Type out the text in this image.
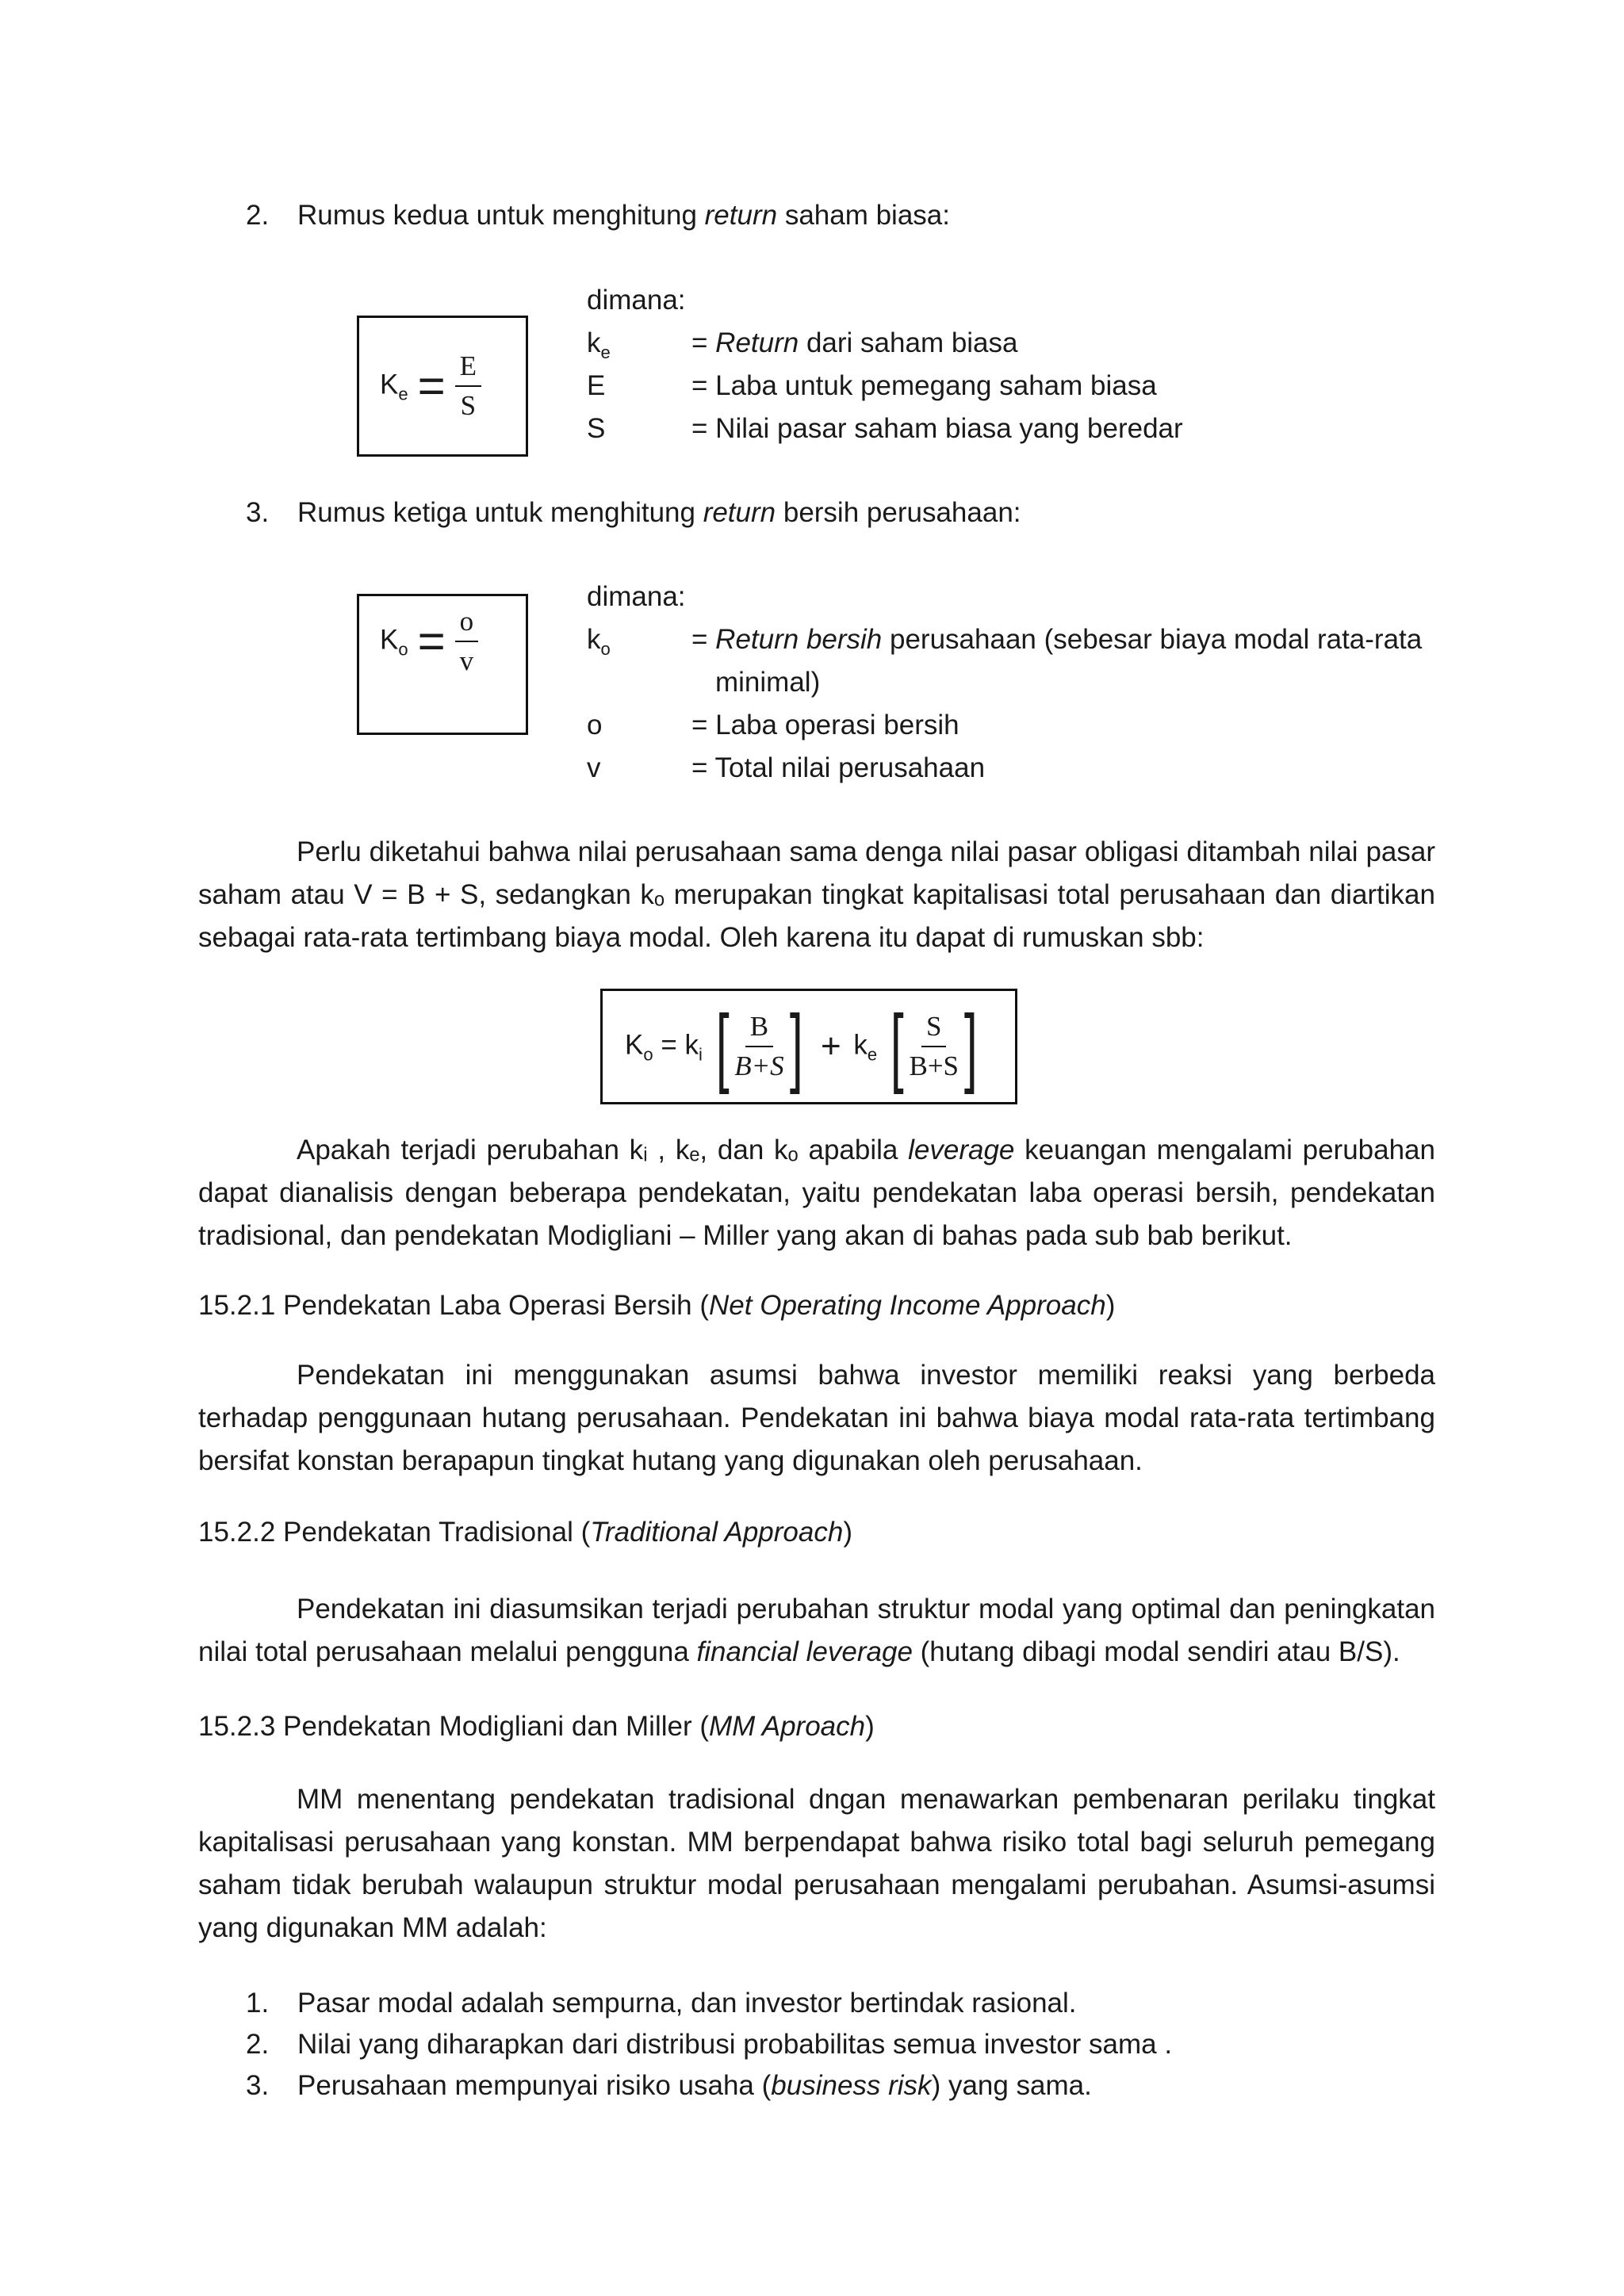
2. Rumus kedua untuk menghitung return saham biasa:
$K_e = \frac{E}{S}$
dimana:
$k_e$	= Return dari saham biasa
E	= Laba untuk pemegang saham biasa
S	= Nilai pasar saham biasa yang beredar
3. Rumus ketiga untuk menghitung return bersih perusahaan:
$K_o = \frac{o}{v}$
dimana:
$k_o$	= Return bersih perusahaan (sebesar biaya modal rata-rata
minimal)
o	= Laba operasi bersih
v	= Total nilai perusahaan

Perlu diketahui bahwa nilai perusahaan sama denga nilai pasar obligasi ditambah nilai pasar saham atau V = B + S, sedangkan kₒ merupakan tingkat kapitalisasi total perusahaan dan diartikan sebagai rata-rata tertimbang biaya modal. Oleh karena itu dapat di rumuskan sbb:

$K_o = k_i$ [ $\frac{B}{B+S}$ ] + $k_e$ [ $\frac{S}{B+S}$ ]

Apakah terjadi perubahan kᵢ , kₑ, dan kₒ apabila leverage keuangan mengalami perubahan dapat dianalisis dengan beberapa pendekatan, yaitu pendekatan laba operasi bersih, pendekatan tradisional, dan pendekatan Modigliani – Miller yang akan di bahas pada sub bab berikut.

15.2.1 Pendekatan Laba Operasi Bersih (Net Operating Income Approach)

Pendekatan ini menggunakan asumsi bahwa investor memiliki reaksi yang berbeda terhadap penggunaan hutang perusahaan. Pendekatan ini bahwa biaya modal rata-rata tertimbang bersifat konstan berapapun tingkat hutang yang digunakan oleh perusahaan.

15.2.2 Pendekatan Tradisional (Traditional Approach)

Pendekatan ini diasumsikan terjadi perubahan struktur modal yang optimal dan peningkatan nilai total perusahaan melalui pengguna financial leverage (hutang dibagi modal sendiri atau B/S).

15.2.3 Pendekatan Modigliani dan Miller (MM Aproach)

MM menentang pendekatan tradisional dngan menawarkan pembenaran perilaku tingkat kapitalisasi perusahaan yang konstan. MM berpendapat bahwa risiko total bagi seluruh pemegang saham tidak berubah walaupun struktur modal perusahaan mengalami perubahan. Asumsi-asumsi yang digunakan MM adalah:

1. Pasar modal adalah sempurna, dan investor bertindak rasional.
2. Nilai yang diharapkan dari distribusi probabilitas semua investor sama .
3. Perusahaan mempunyai risiko usaha (business risk) yang sama.
